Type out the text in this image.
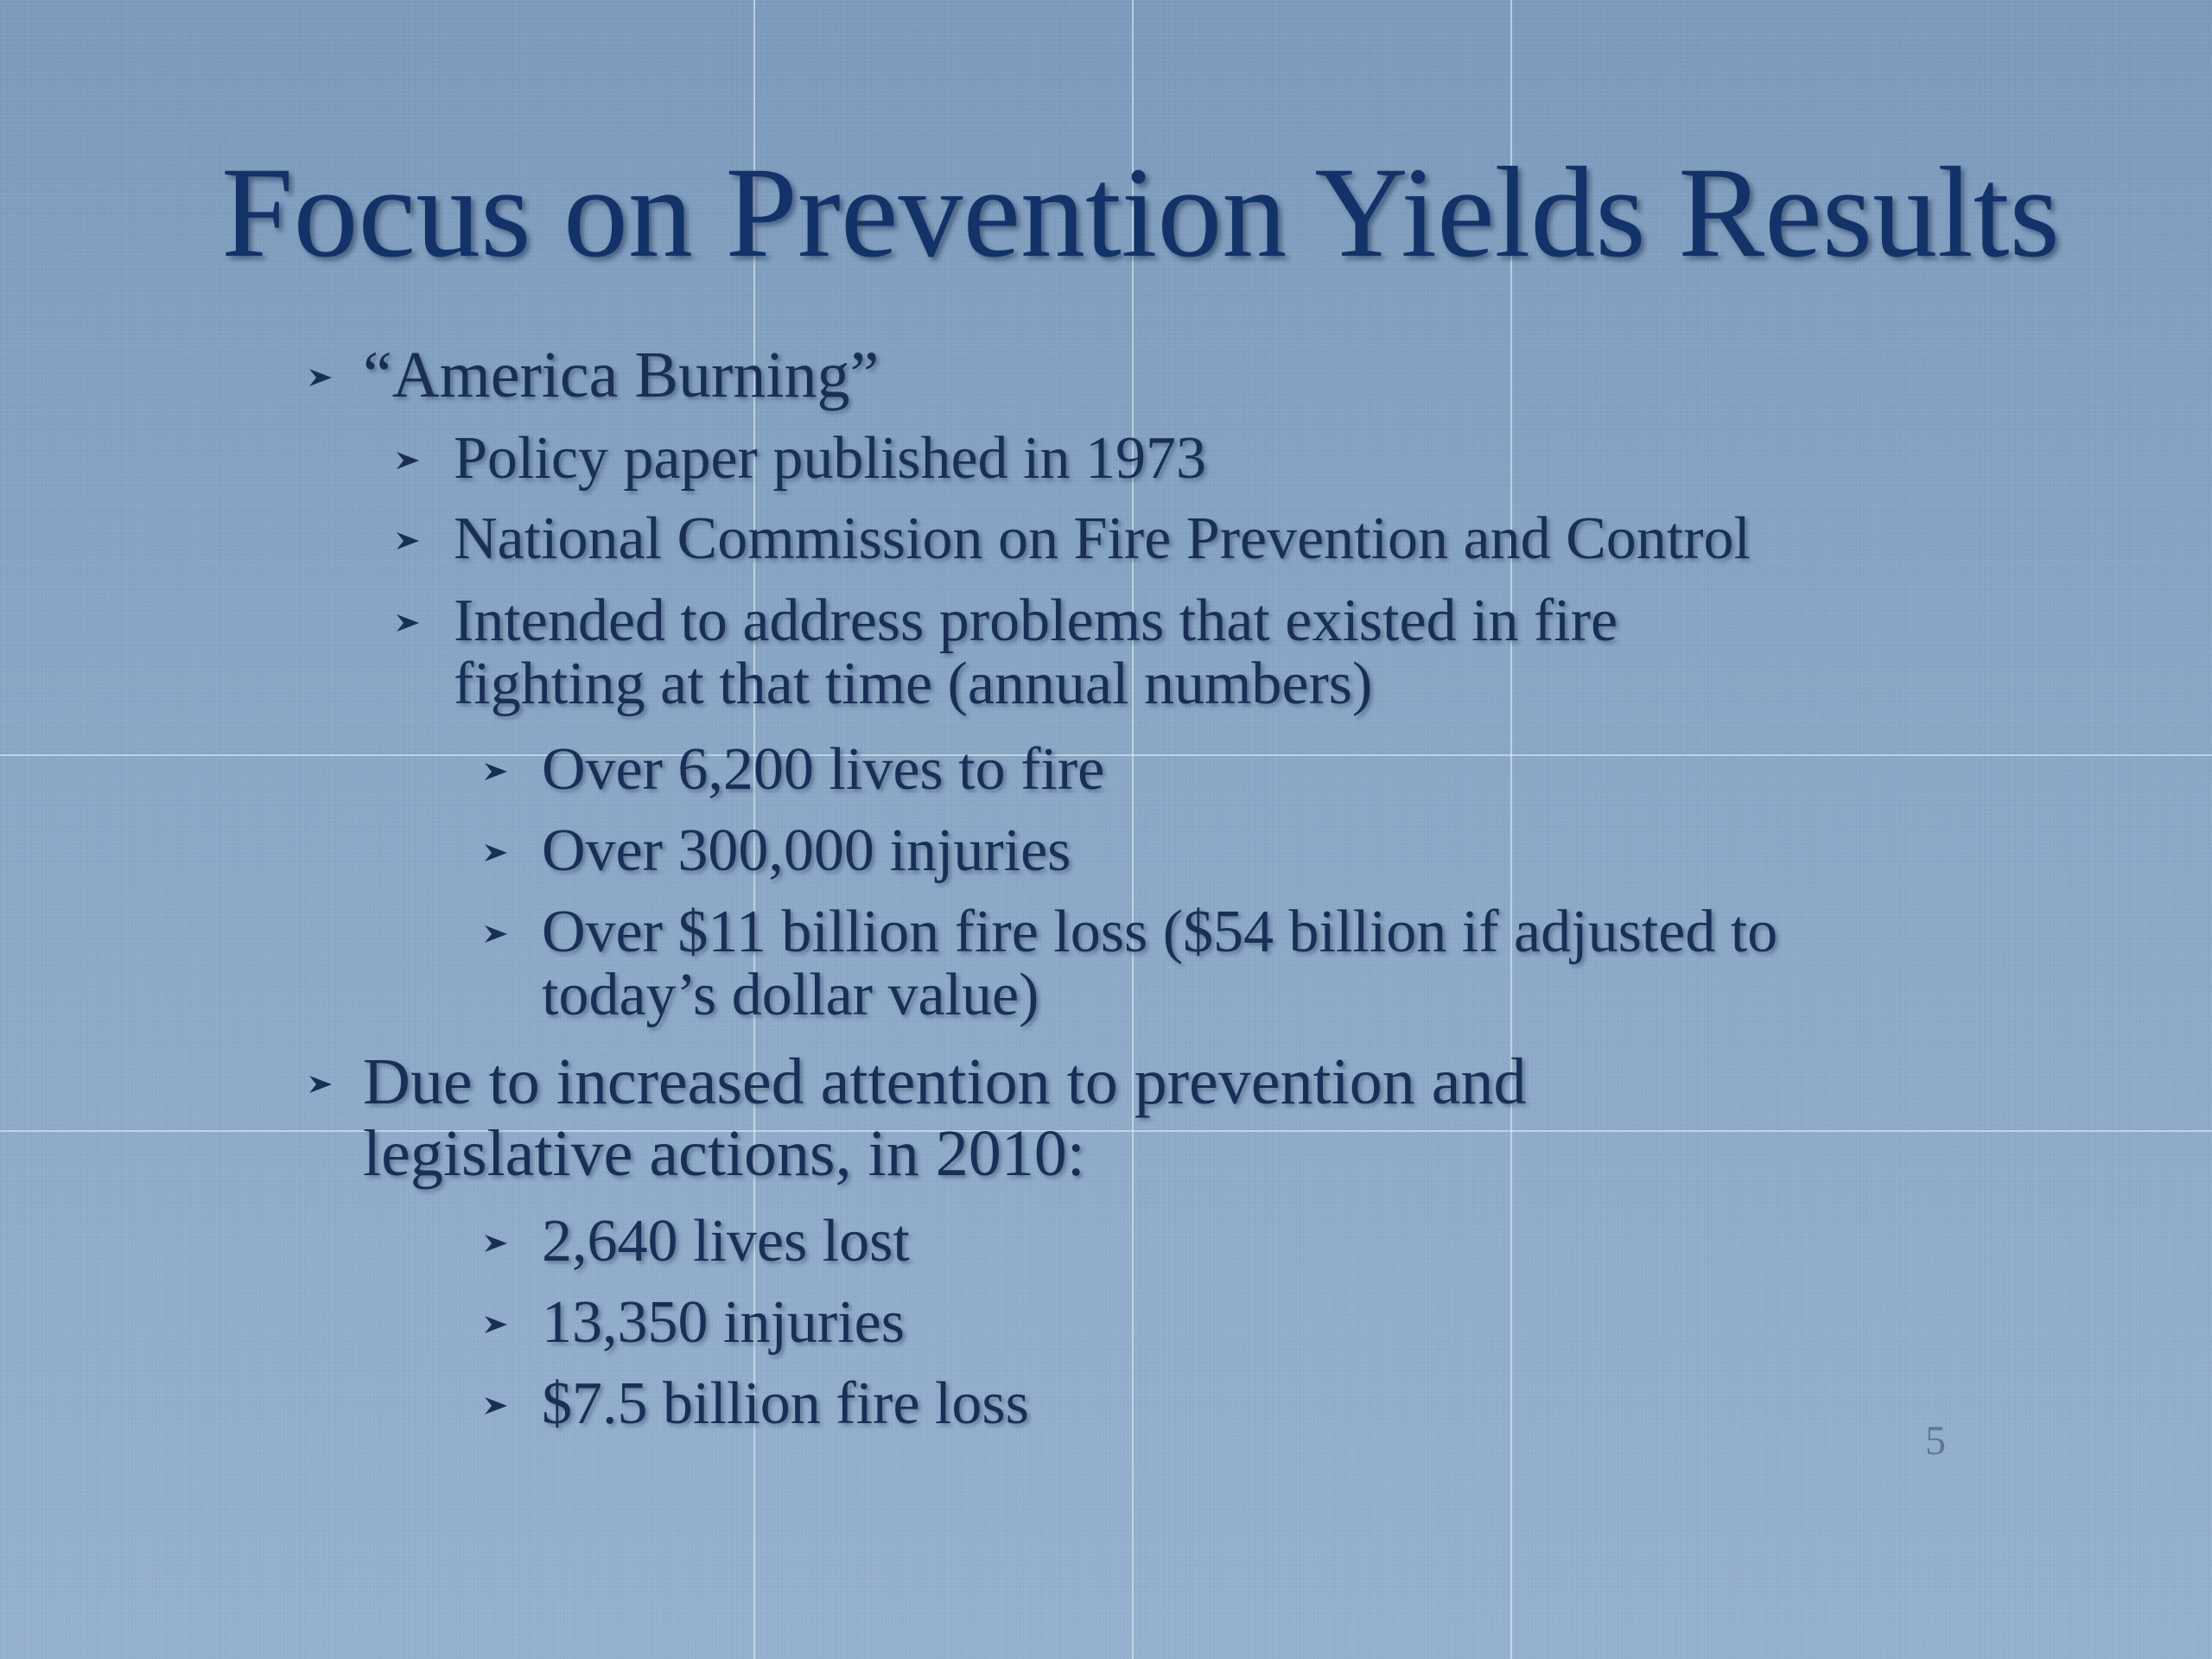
Focus on Prevention Yields Results
“America Burning”
Policy paper published in 1973
National Commission on Fire Prevention and Control
Intended to address problems that existed in fire
fighting at that time (annual numbers)
Over 6,200 lives to fire
Over 300,000 injuries
Over $11 billion fire loss ($54 billion if adjusted to
today’s dollar value)
Due to increased attention to prevention and
legislative actions, in 2010:
2,640 lives lost
13,350 injuries
$7.5 billion fire loss
5
